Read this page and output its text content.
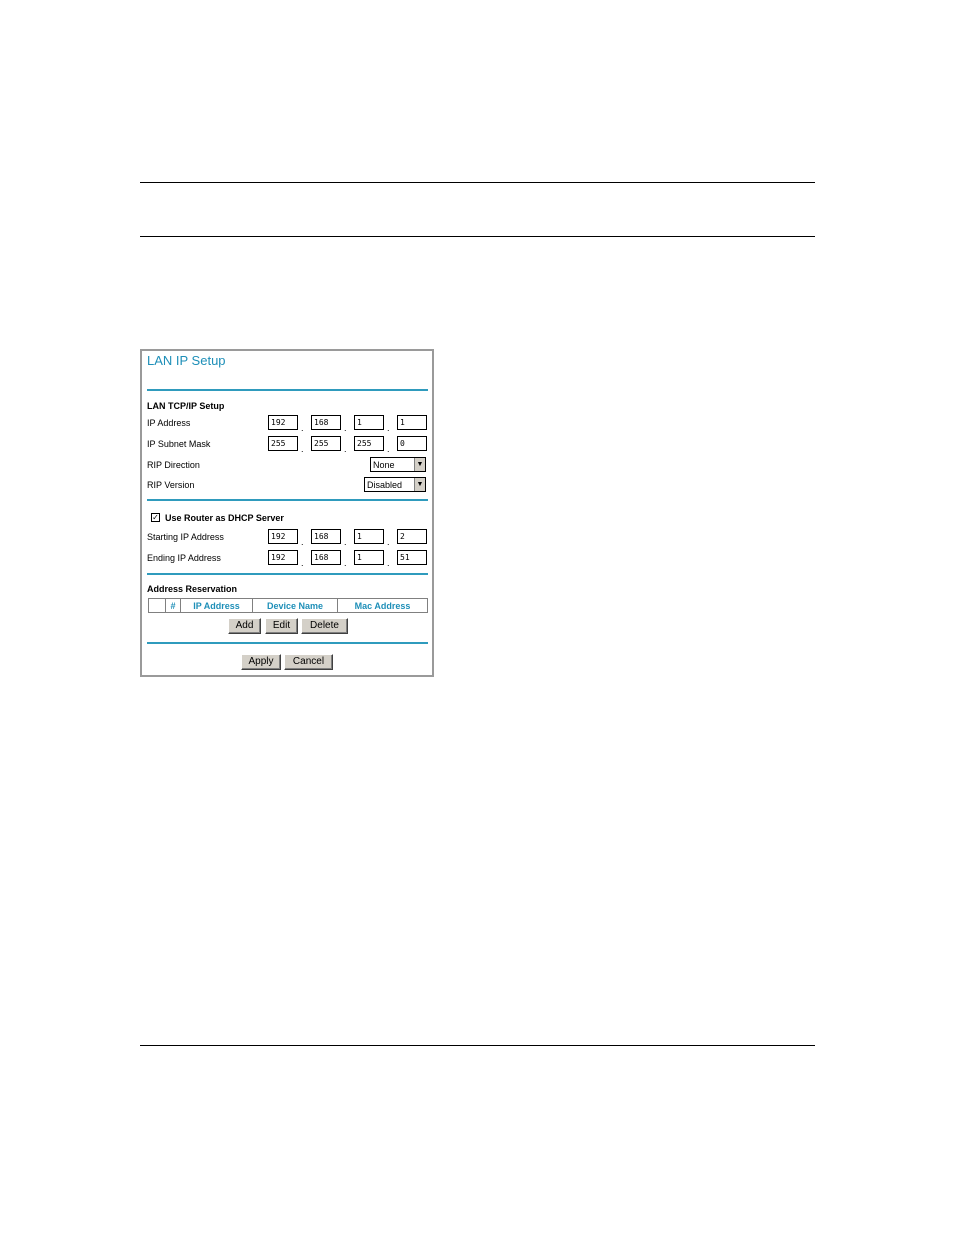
LAN IP Setup
LAN TCP/IP Setup
IP Address	192
.
168
.
1
.
1
IP Subnet Mask	255
.
255
.
255
.
0
RIP Direction	None	▼
RIP Version	Disabled	▼
✓ Use Router as DHCP Server
Starting IP Address	192
.
168
.
1
.
2
Ending IP Address	192
.
168
.
1
.
51
Address Reservation
	#	IP Address	Device Name	Mac Address
Add	Edit	Delete
Apply	Cancel
